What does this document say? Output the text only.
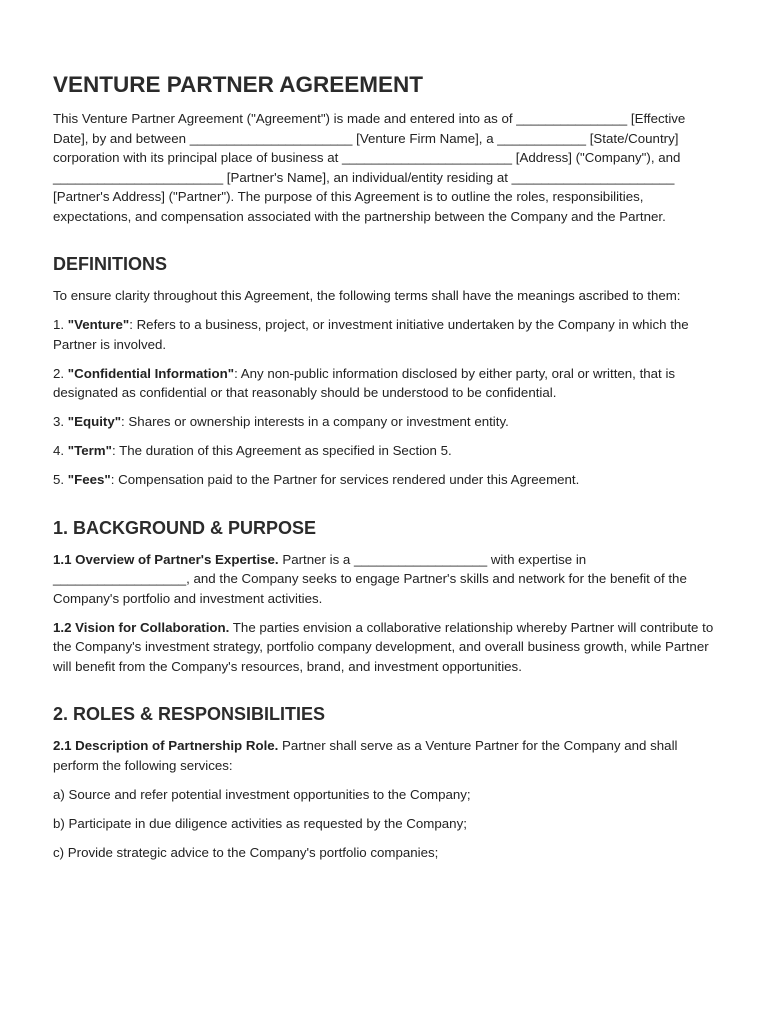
VENTURE PARTNER AGREEMENT

This Venture Partner Agreement ("Agreement") is made and entered into as of _______________ [Effective Date], by and between ______________________ [Venture Firm Name], a ____________ [State/Country] corporation with its principal place of business at _______________________ [Address] ("Company"), and _______________________ [Partner's Name], an individual/entity residing at ______________________ [Partner's Address] ("Partner"). The purpose of this Agreement is to outline the roles, responsibilities, expectations, and compensation associated with the partnership between the Company and the Partner.

DEFINITIONS

To ensure clarity throughout this Agreement, the following terms shall have the meanings ascribed to them:

1. "Venture": Refers to a business, project, or investment initiative undertaken by the Company in which the Partner is involved.

2. "Confidential Information": Any non-public information disclosed by either party, oral or written, that is designated as confidential or that reasonably should be understood to be confidential.

3. "Equity": Shares or ownership interests in a company or investment entity.

4. "Term": The duration of this Agreement as specified in Section 5.

5. "Fees": Compensation paid to the Partner for services rendered under this Agreement.

1. BACKGROUND & PURPOSE

1.1 Overview of Partner's Expertise. Partner is a __________________ with expertise in __________________, and the Company seeks to engage Partner's skills and network for the benefit of the Company's portfolio and investment activities.

1.2 Vision for Collaboration. The parties envision a collaborative relationship whereby Partner will contribute to the Company's investment strategy, portfolio company development, and overall business growth, while Partner will benefit from the Company's resources, brand, and investment opportunities.

2. ROLES & RESPONSIBILITIES

2.1 Description of Partnership Role. Partner shall serve as a Venture Partner for the Company and shall perform the following services:

a) Source and refer potential investment opportunities to the Company;

b) Participate in due diligence activities as requested by the Company;

c) Provide strategic advice to the Company's portfolio companies;
